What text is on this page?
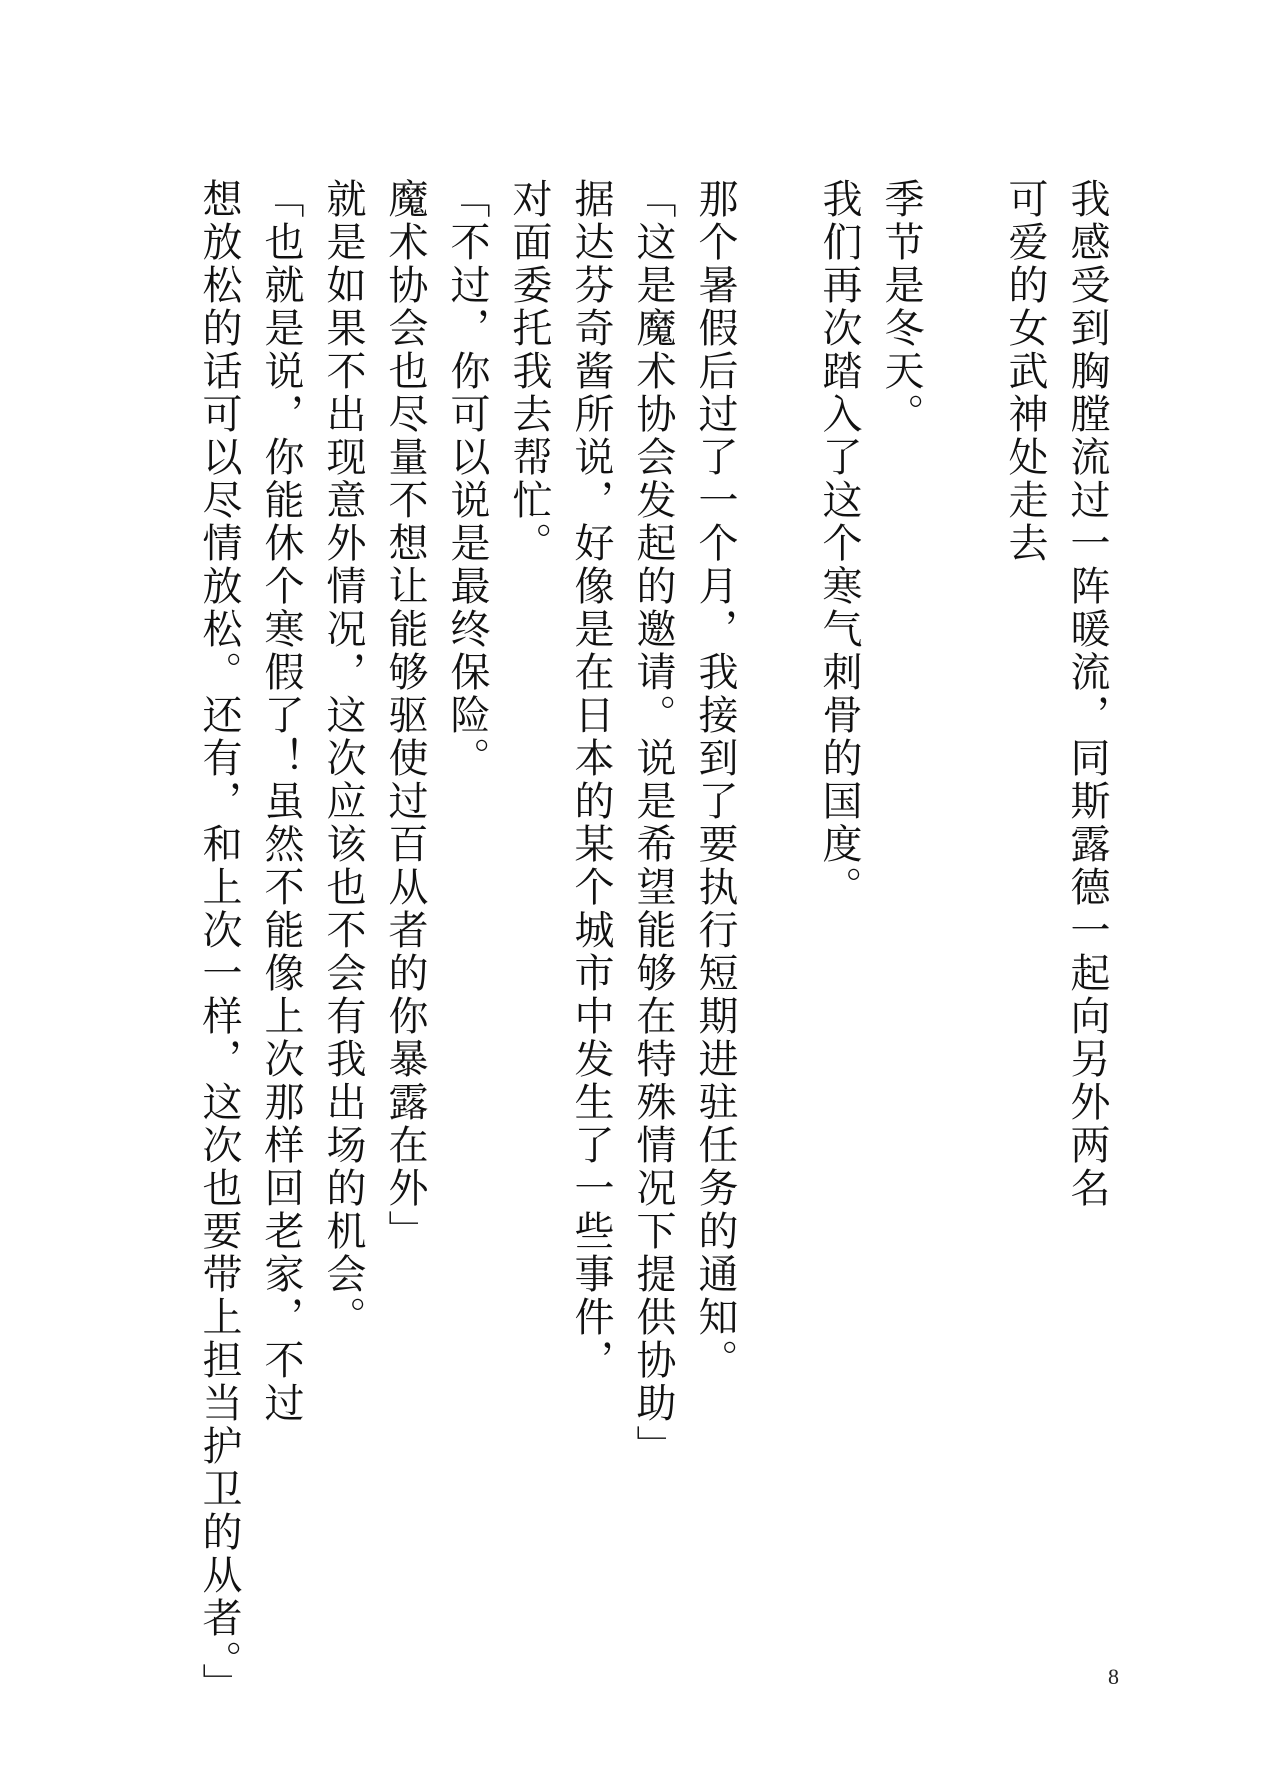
我感受到胸膛流过一阵暖流，同斯露德一起向另外两名
可爱的女武神处走去
季节是冬天。
我们再次踏入了这个寒气刺骨的国度。
那个暑假后过了一个月，我接到了要执行短期进驻任务的通知。
「这是魔术协会发起的邀请。说是希望能够在特殊情况下提供协助」
据达芬奇酱所说，好像是在日本的某个城市中发生了一些事件，
对面委托我去帮忙。
「不过，你可以说是最终保险。
魔术协会也尽量不想让能够驱使过百从者的你暴露在外」
就是如果不出现意外情况，这次应该也不会有我出场的机会。
「也就是说，你能休个寒假了！虽然不能像上次那样回老家，不过
想放松的话可以尽情放松。还有，和上次一样，这次也要带上担当护卫的从者。」	8
